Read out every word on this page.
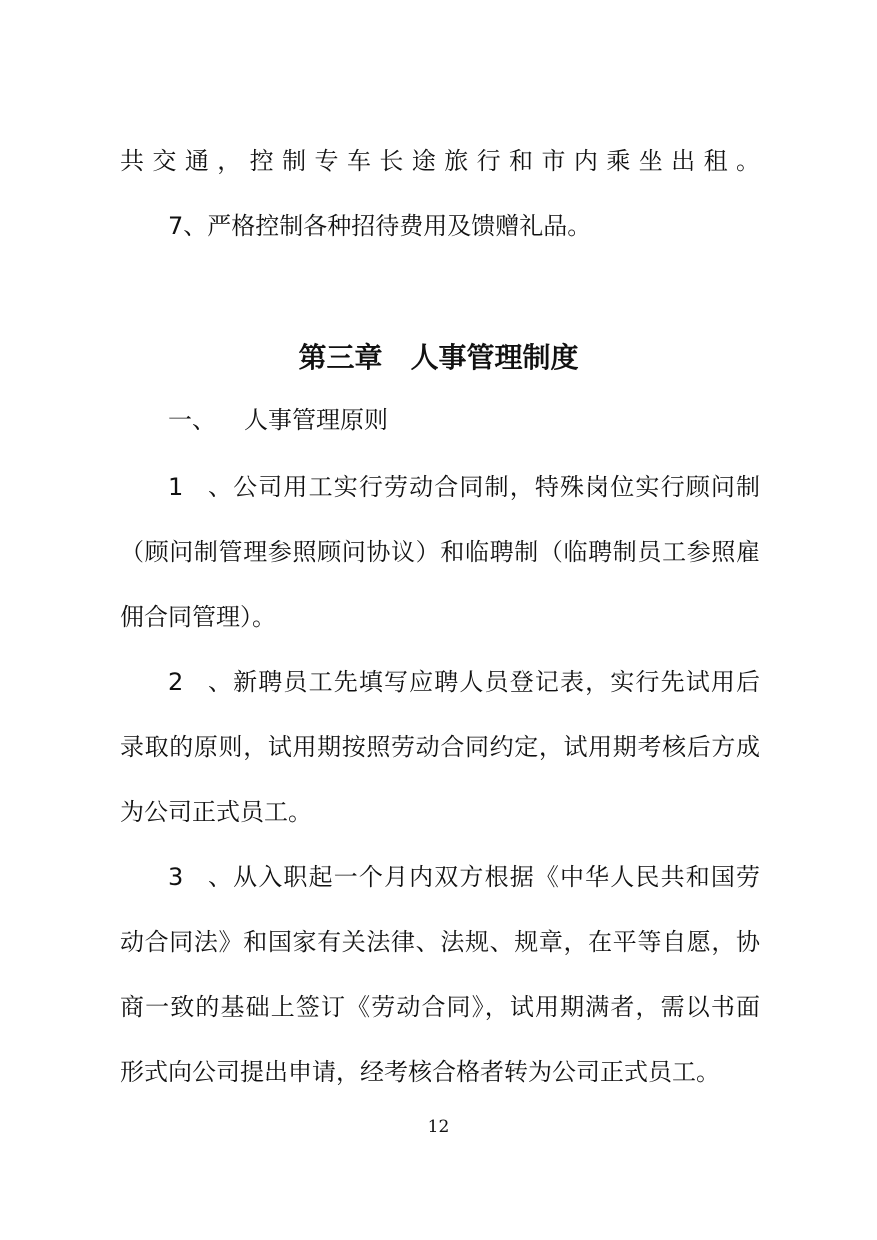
共交通，控制专车长途旅行和市内乘坐出租。

7、严格控制各种招待费用及馈赠礼品。

第三章　人事管理制度

一、 人事管理原则

1、公司用工实行劳动合同制，特殊岗位实行顾问制

（顾问制管理参照顾问协议）和临聘制（临聘制员工参照雇

佣合同管理）。

2、新聘员工先填写应聘人员登记表，实行先试用后

录取的原则，试用期按照劳动合同约定，试用期考核后方成

为公司正式员工。

3、从入职起一个月内双方根据《中华人民共和国劳

动合同法》和国家有关法律、法规、规章，在平等自愿，协

商一致的基础上签订《劳动合同》，试用期满者，需以书面

形式向公司提出申请，经考核合格者转为公司正式员工。

12
